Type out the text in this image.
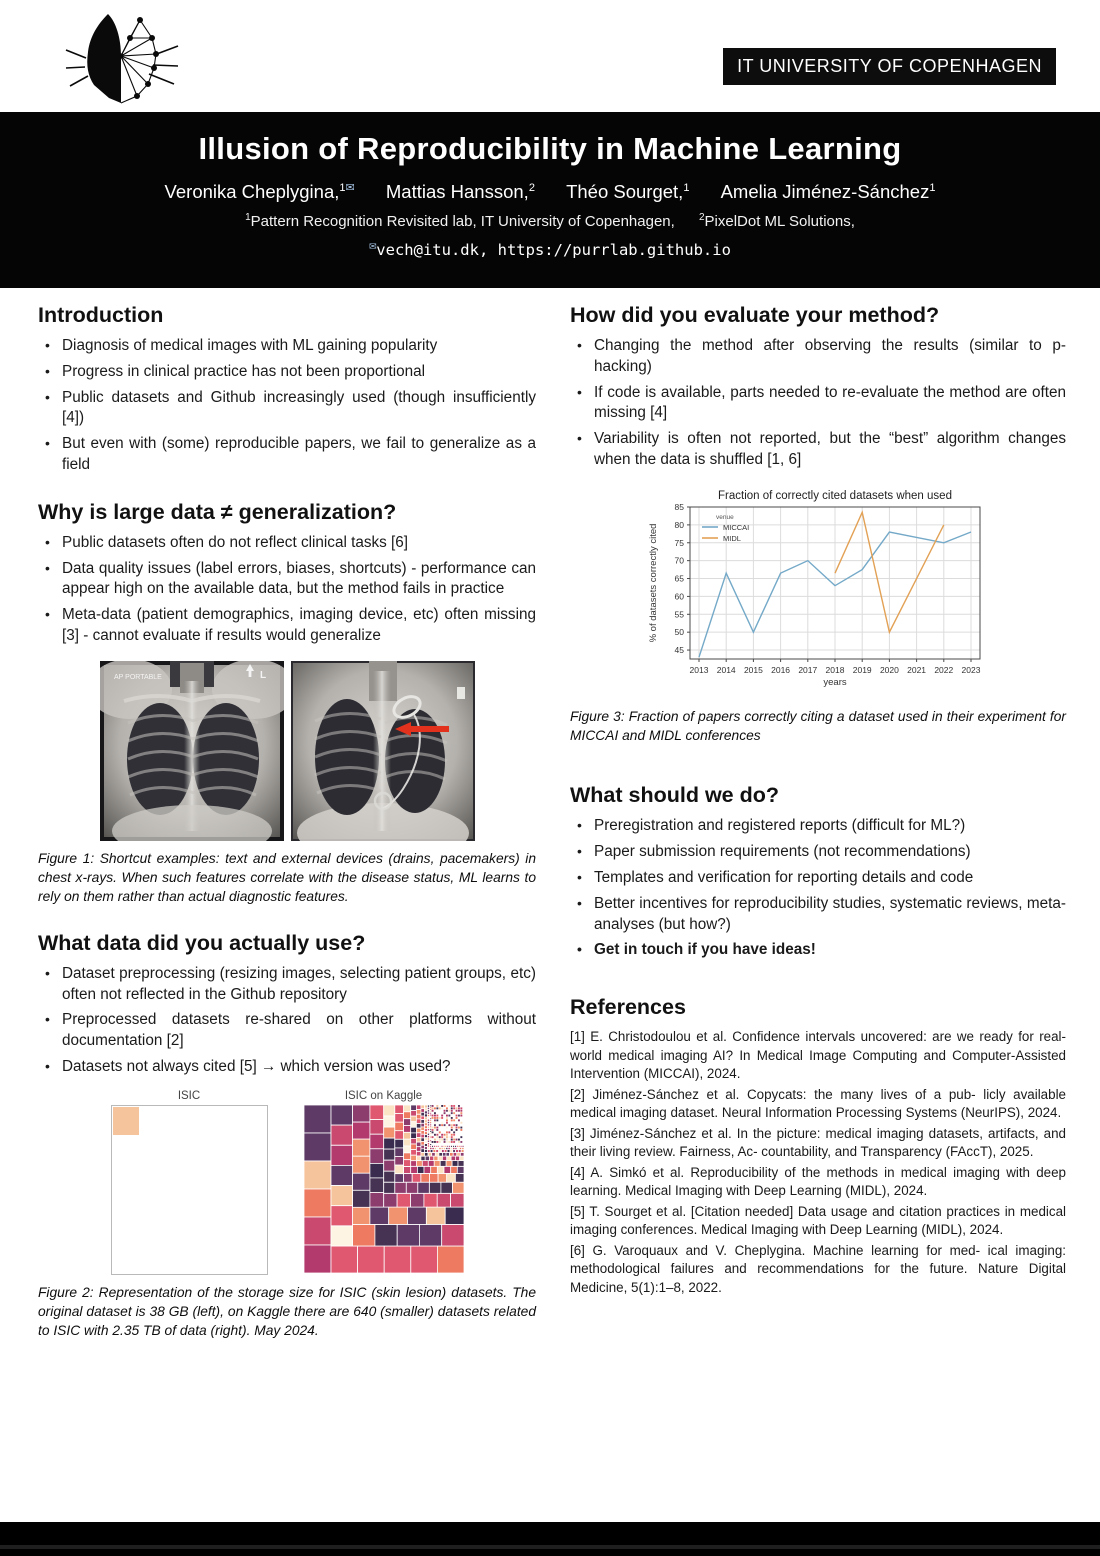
IT UNIVERSITY OF COPENHAGEN
Illusion of Reproducibility in Machine Learning
Veronika Cheplygina,$^{1✉}$ Mattias Hansson,$^2$ Théo Sourget,$^1$ Amelia Jiménez-Sánchez$^1$
$^1$Pattern Recognition Revisited lab, IT University of Copenhagen, $^2$PixelDot ML Solutions,
✉vech@itu.dk, https://purrlab.github.io
Introduction
• Diagnosis of medical images with ML gaining popularity
• Progress in clinical practice has not been proportional
• Public datasets and Github increasingly used (though insufficiently [4])
• But even with (some) reproducible papers, we fail to generalize as a field
Why is large data ≠ generalization?
• Public datasets often do not reflect clinical tasks [6]
• Data quality issues (label errors, biases, shortcuts) - performance can appear high on the available data, but the method fails in practice
• Meta-data (patient demographics, imaging device, etc) often missing [3] - cannot evaluate if results would generalize
AP PORTABLE	L

Figure 1: Shortcut examples: text and external devices (drains, pacemakers) in chest x-rays. When such features correlate with the disease status, ML learns to rely on them rather than actual diagnostic features.

What data did you actually use?
• Dataset preprocessing (resizing images, selecting patient groups, etc) often not reflected in the Github repository
• Preprocessed datasets re-shared on other platforms without documentation [2]
• Datasets not always cited [5] → which version was used?
ISIC	ISIC on Kaggle

Figure 2: Representation of the storage size for ISIC (skin lesion) datasets. The original dataset is 38 GB (left), on Kaggle there are 640 (smaller) datasets related to ISIC with 2.35 TB of data (right). May 2024.

How did you evaluate your method?
• Changing the method after observing the results (similar to p-hacking)
• If code is available, parts needed to re-evaluate the method are often missing [4]
• Variability is often not reported, but the “best” algorithm changes when the data is shuffled [1, 6]
45
50
55
60
65
70
75
80
85
2013 2014 2015 2016 2017 2018 2019 2020 2021 2022 2023
years
% of datasets correctly cited
Fraction of correctly cited datasets when used
venue
MICCAI
MIDL

Figure 3: Fraction of papers correctly citing a dataset used in their experiment for MICCAI and MIDL conferences

What should we do?
• Preregistration and registered reports (difficult for ML?)
• Paper submission requirements (not recommendations)
• Templates and verification for reporting details and code
• Better incentives for reproducibility studies, systematic reviews, meta-analyses (but how?)
• Get in touch if you have ideas!
References

[1] E. Christodoulou et al. Confidence intervals uncovered: are we ready for real-world medical imaging AI? In Medical Image Computing and Computer-Assisted Intervention (MICCAI), 2024.

[2] Jiménez-Sánchez et al. Copycats: the many lives of a pub- licly available medical imaging dataset. Neural Information Processing Systems (NeurIPS), 2024.

[3] Jiménez-Sánchez et al. In the picture: medical imaging datasets, artifacts, and their living review. Fairness, Ac- countability, and Transparency (FAccT), 2025.

[4] A. Simkó et al. Reproducibility of the methods in medical imaging with deep learning. Medical Imaging with Deep Learning (MIDL), 2024.

[5] T. Sourget et al. [Citation needed] Data usage and citation practices in medical imaging conferences. Medical Imaging with Deep Learning (MIDL), 2024.

[6] G. Varoquaux and V. Cheplygina. Machine learning for med- ical imaging: methodological failures and recommendations for the future. Nature Digital Medicine, 5(1):1–8, 2022.
